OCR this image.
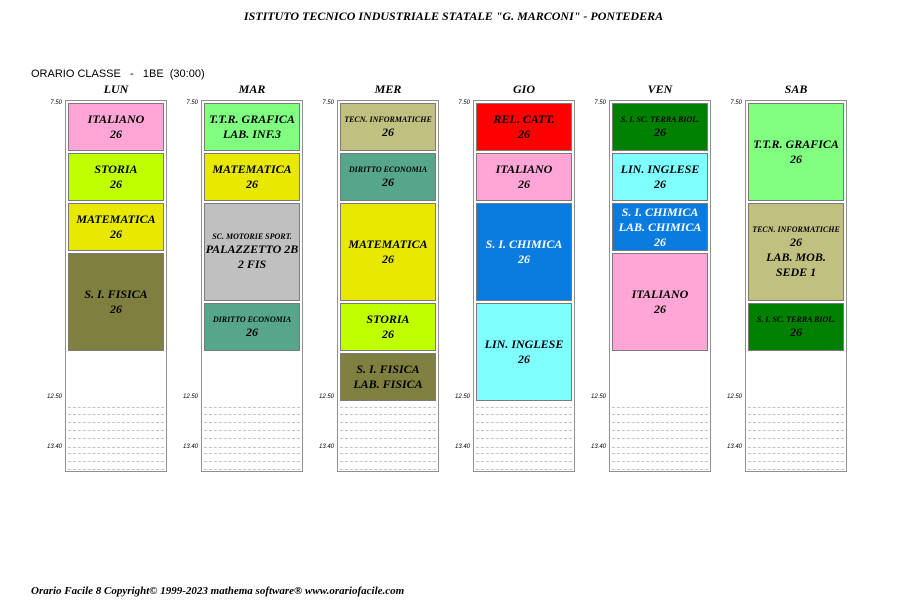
ISTITUTO TECNICO INDUSTRIALE STATALE "G. MARCONI" - PONTEDERA
ORARIO CLASSE   -   1BE  (30:00)
LUN
ITALIANO
26
STORIA
26
MATEMATICA
26
S. I. FISICA
26
7.50
12.50
13.40
MAR
T.T.R. GRAFICA
LAB. INF.3
MATEMATICA
26
SC. MOTORIE SPORT.
PALAZZETTO 2B
2 FIS
DIRITTO ECONOMIA
26
7.50
12.50
13.40
MER
TECN. INFORMATICHE
26
DIRITTO ECONOMIA
26
MATEMATICA
26
STORIA
26
S. I. FISICA
LAB. FISICA
7.50
12.50
13.40
GIO
REL. CATT.
26
ITALIANO
26
S. I. CHIMICA
26
LIN. INGLESE
26
7.50
12.50
13.40
VEN
S. I. SC. TERRA BIOL.
26
LIN. INGLESE
26
S. I. CHIMICA
LAB. CHIMICA
26
ITALIANO
26
7.50
12.50
13.40
SAB
T.T.R. GRAFICA
26
TECN. INFORMATICHE
26
LAB. MOB. SEDE 1
S. I. SC. TERRA BIOL.
26
7.50
12.50
13.40
Orario Facile 8 Copyright© 1999-2023 mathema software® www.orariofacile.com
